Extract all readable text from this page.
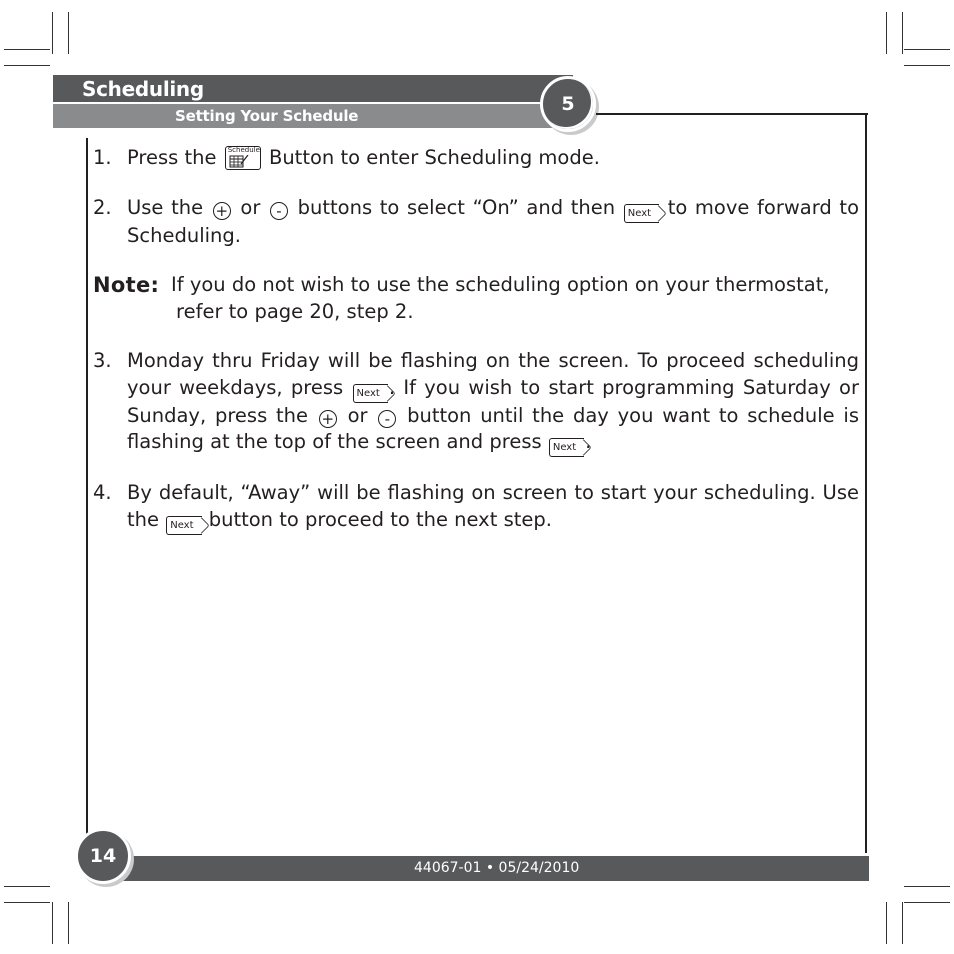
Scheduling
Setting Your Schedule
5
1. Press the Schedule Button to enter Scheduling mode.
2. Use the + or - buttons to select “On” and then Next to move forward to Scheduling.
Note: If you do not wish to use the scheduling option on your thermostat,
refer to page 20, step 2.
3. Monday thru Friday will be flashing on the screen. To proceed scheduling your weekdays, press Next . If you wish to start programming Saturday or Sunday, press the + or - button until the day you want to schedule is flashing at the top of the screen and press Next .
4. By default, “Away” will be flashing on screen to start your scheduling. Use the Next button to proceed to the next step.
44067-01 • 05/24/2010
14
